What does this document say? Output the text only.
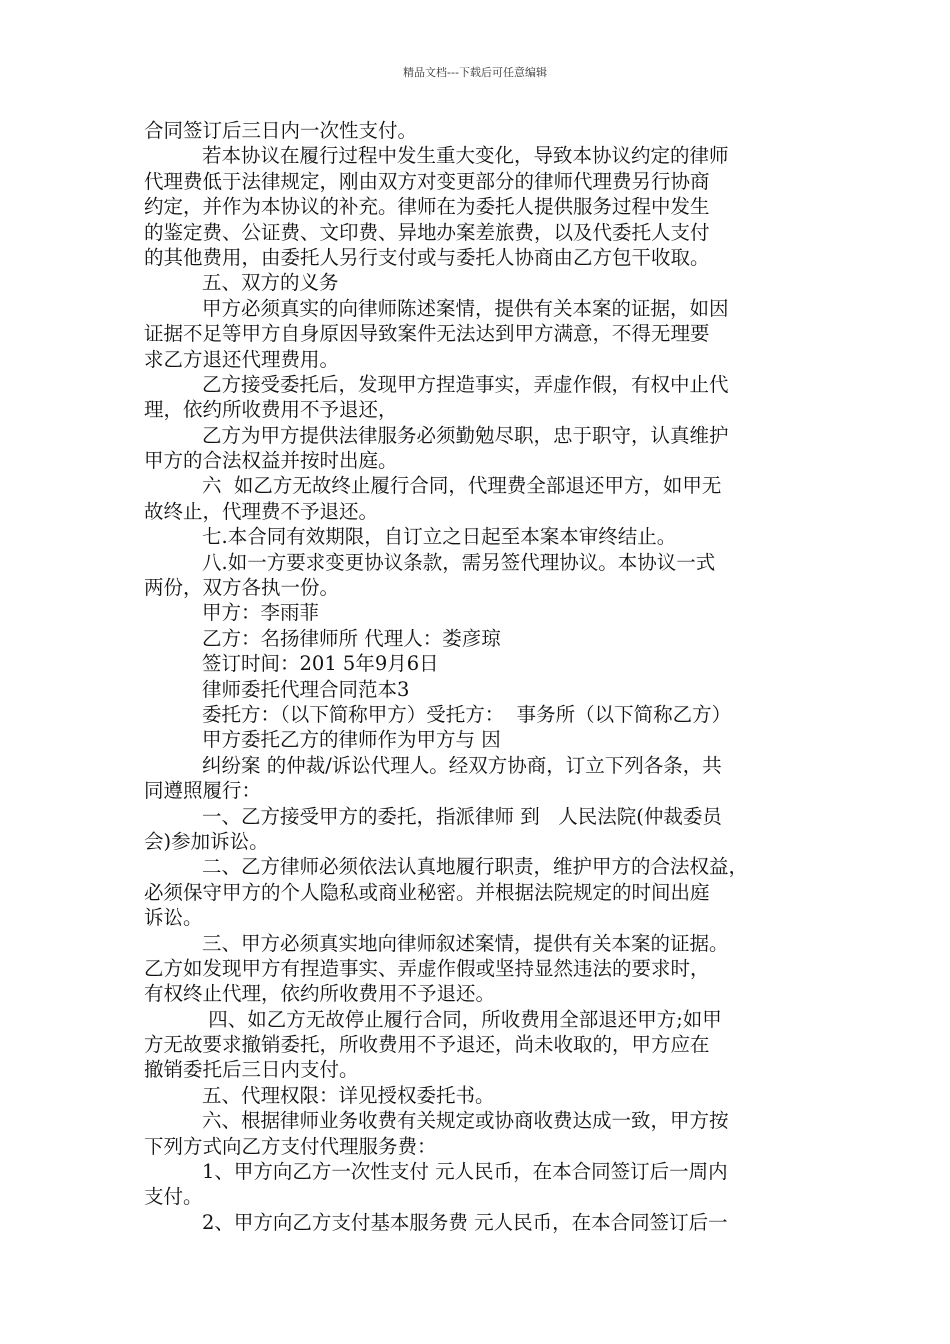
精品文档---下载后可任意编辑
合同签订后三日内一次性支付。
若本协议在履行过程中发生重大变化，导致本协议约定的律师
代理费低于法律规定，刚由双方对变更部分的律师代理费另行协商
约定，并作为本协议的补充。律师在为委托人提供服务过程中发生
的鉴定费、公证费、文印费、异地办案差旅费，以及代委托人支付
的其他费用，由委托人另行支付或与委托人协商由乙方包干收取。
五、双方的义务
甲方必须真实的向律师陈述案情，提供有关本案的证据，如因
证据不足等甲方自身原因导致案件无法达到甲方满意，不得无理要
求乙方退还代理费用。
乙方接受委托后，发现甲方捏造事实，弄虚作假，有权中止代
理，依约所收费用不予退还，
乙方为甲方提供法律服务必须勤勉尽职，忠于职守，认真维护
甲方的合法权益并按时出庭。
六  如乙方无故终止履行合同，代理费全部退还甲方，如甲无
故终止，代理费不予退还。
七.本合同有效期限，自订立之日起至本案本审终结止。
八.如一方要求变更协议条款，需另签代理协议。本协议一式
两份，双方各执一份。
甲方：李雨菲
乙方：名扬律师所 代理人：娄彦琼
签订时间：201 5年9月6日
律师委托代理合同范本3
委托方：（以下简称甲方）受托方：  事务所（以下简称乙方）
甲方委托乙方的律师作为甲方与 因
纠纷案 的仲裁/诉讼代理人。经双方协商，订立下列各条，共
同遵照履行：
一、乙方接受甲方的委托，指派律师 到   人民法院(仲裁委员
会)参加诉讼。
二、乙方律师必须依法认真地履行职责，维护甲方的合法权益，
必须保守甲方的个人隐私或商业秘密。并根据法院规定的时间出庭
诉讼。
三、甲方必须真实地向律师叙述案情，提供有关本案的证据。
乙方如发现甲方有捏造事实、弄虚作假或坚持显然违法的要求时，
有权终止代理，依约所收费用不予退还。
四、如乙方无故停止履行合同，所收费用全部退还甲方;如甲
方无故要求撤销委托，所收费用不予退还，尚未收取的，甲方应在
撤销委托后三日内支付。
五、代理权限：详见授权委托书。
六、根据律师业务收费有关规定或协商收费达成一致，甲方按
下列方式向乙方支付代理服务费：
1、甲方向乙方一次性支付 元人民币，在本合同签订后一周内
支付。
2、甲方向乙方支付基本服务费 元人民币，在本合同签订后一
